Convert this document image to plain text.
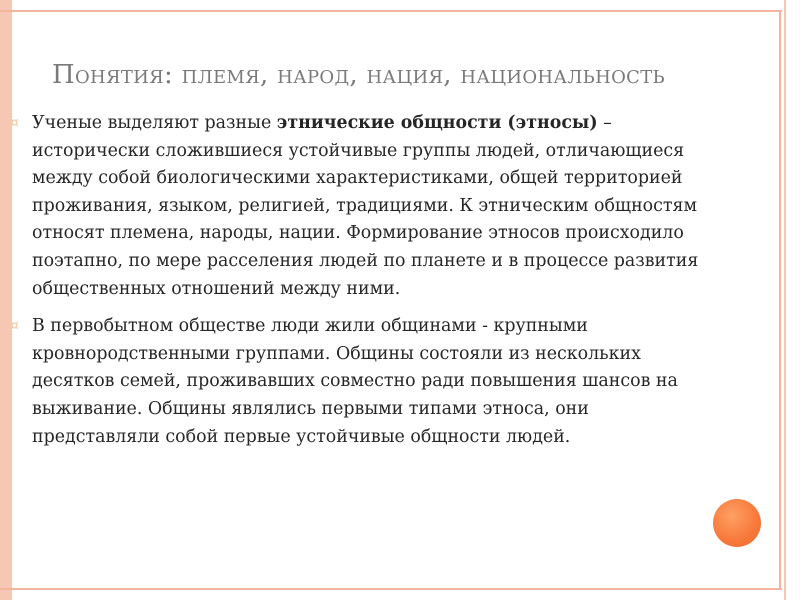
Понятия: племя, народ, нация, национальность
¤ Ученые выделяют разные этнические общности (этносы) – исторически сложившиеся устойчивые группы людей, отличающиеся между собой биологическими характеристиками, общей территорией проживания, языком, религией, традициями. К этническим общностям относят племена, народы, нации. Формирование этносов происходило поэтапно, по мере расселения людей по планете и в процессе развития общественных отношений между ними.
¤ В первобытном обществе люди жили общинами - крупными кровнородственными группами. Общины состояли из нескольких десятков семей, проживавших совместно ради повышения шансов на выживание. Общины являлись первыми типами этноса, они представляли собой первые устойчивые общности людей.
